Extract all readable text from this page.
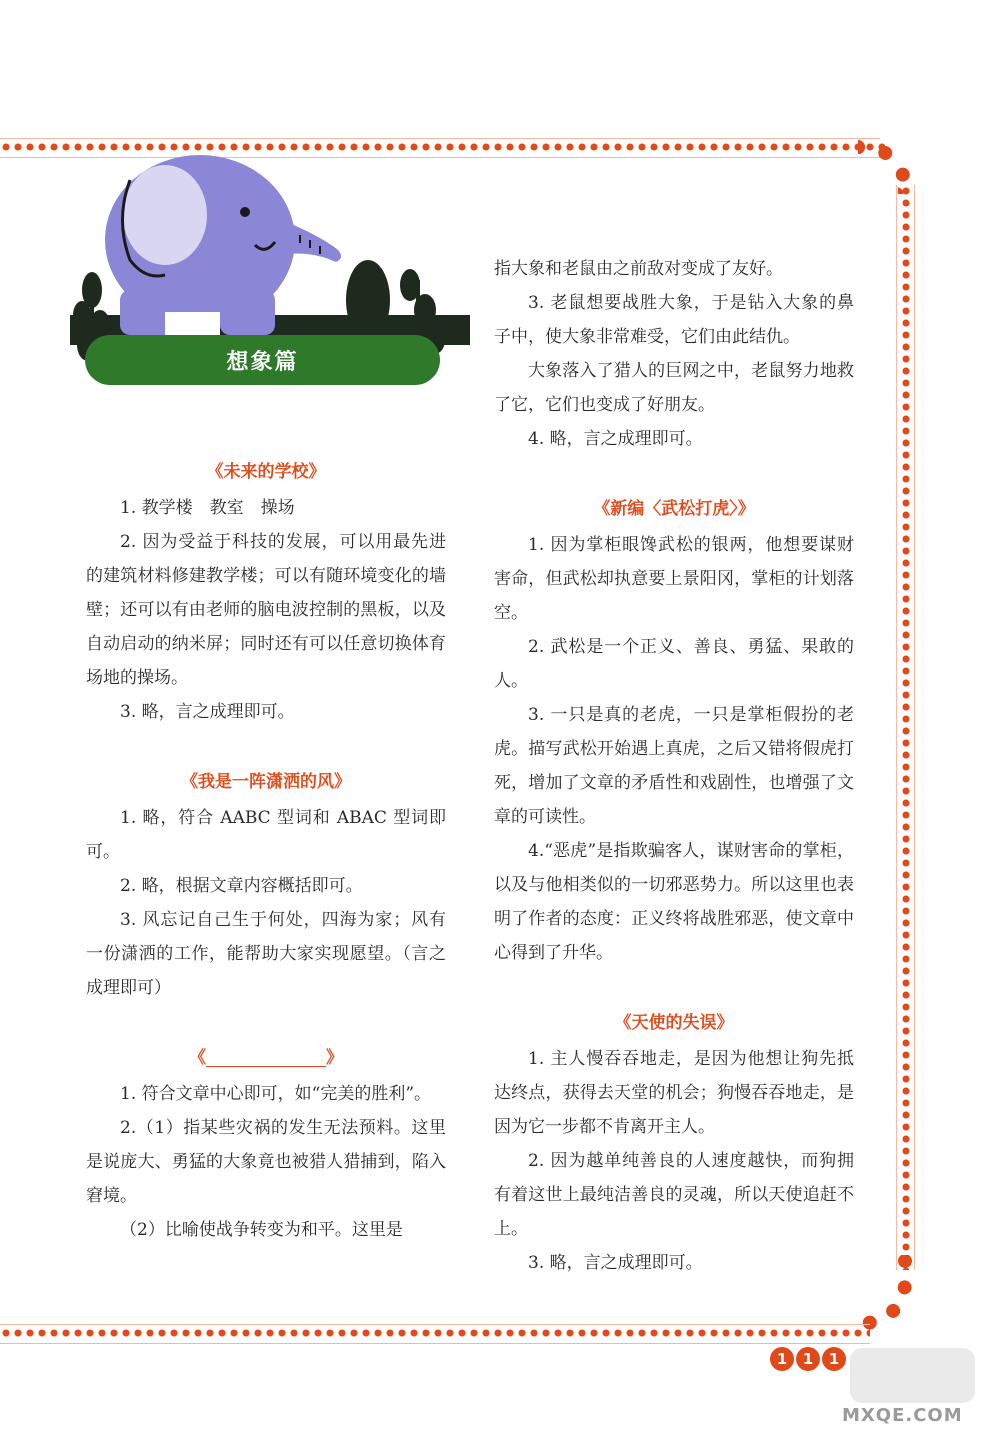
想象篇
《未来的学校》

1. 教学楼　教室　操场

2. 因为受益于科技的发展，可以用最先进的建筑材料修建教学楼；可以有随环境变化的墙壁；还可以有由老师的脑电波控制的黑板，以及自动启动的纳米屏；同时还有可以任意切换体育场地的操场。

3. 略，言之成理即可。

《我是一阵潇洒的风》

1. 略，符合 AABC 型词和 ABAC 型词即可。

2. 略，根据文章内容概括即可。

3. 风忘记自己生于何处，四海为家；风有一份潇洒的工作，能帮助大家实现愿望。（言之成理即可）

《	》

1. 符合文章中心即可，如“完美的胜利”。

2.（1）指某些灾祸的发生无法预料。这里是说庞大、勇猛的大象竟也被猎人猎捕到，陷入窘境。

（2）比喻使战争转变为和平。这里是

指大象和老鼠由之前敌对变成了友好。

3. 老鼠想要战胜大象，于是钻入大象的鼻子中，使大象非常难受，它们由此结仇。

大象落入了猎人的巨网之中，老鼠努力地救了它，它们也变成了好朋友。

4. 略，言之成理即可。

《新编〈武松打虎〉》

1. 因为掌柜眼馋武松的银两，他想要谋财害命，但武松却执意要上景阳冈，掌柜的计划落空。

2. 武松是一个正义、善良、勇猛、果敢的人。

3. 一只是真的老虎，一只是掌柜假扮的老虎。描写武松开始遇上真虎，之后又错将假虎打死，增加了文章的矛盾性和戏剧性，也增强了文章的可读性。

4.“恶虎”是指欺骗客人，谋财害命的掌柜，以及与他相类似的一切邪恶势力。所以这里也表明了作者的态度：正义终将战胜邪恶，使文章中心得到了升华。

《天使的失误》

1. 主人慢吞吞地走，是因为他想让狗先抵达终点，获得去天堂的机会；狗慢吞吞地走，是因为它一步都不肯离开主人。

2. 因为越单纯善良的人速度越快，而狗拥有着这世上最纯洁善良的灵魂，所以天使追赶不上。

3. 略，言之成理即可。

1	1	1
MXQE.COM
